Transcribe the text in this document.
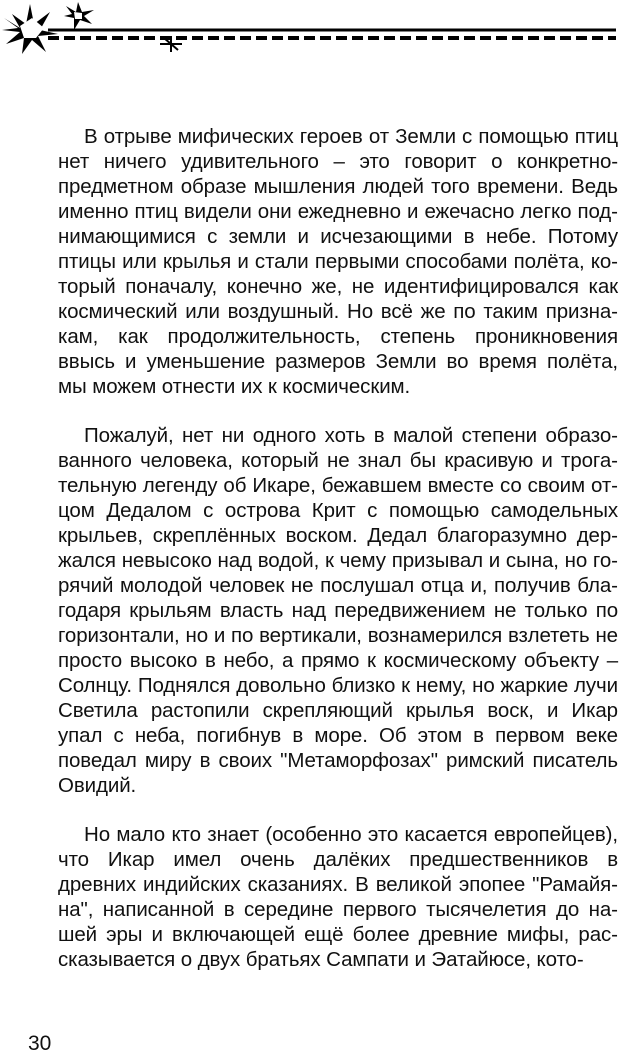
В отрыве мифических героев от Земли с помощью птиц нет ничего удивительного – это говорит о конкретно-предметном образе мышления людей того времени. Ведь именно птиц видели они ежедневно и ежечасно легко поднимающимися с земли и исчезающими в небе. Потому птицы или крылья и стали первыми способами полёта, который поначалу, конечно же, не идентифицировался как космический или воздушный. Но всё же по таким признакам, как продолжительность, степень проникновения ввысь и уменьшение размеров Земли во время полёта, мы можем отнести их к космическим.

Пожалуй, нет ни одного хоть в малой степени образованного человека, который не знал бы красивую и трогательную легенду об Икаре, бежавшем вместе со своим отцом Дедалом с острова Крит с помощью самодельных крыльев, скреплённых воском. Дедал благоразумно держался невысоко над водой, к чему призывал и сына, но горячий молодой человек не послушал отца и, получив благодаря крыльям власть над передвижением не только по горизонтали, но и по вертикали, вознамерился взлететь не просто высоко в небо, а прямо к космическому объекту – Солнцу. Поднялся довольно близко к нему, но жаркие лучи Светила растопили скрепляющий крылья воск, и Икар упал с неба, погибнув в море. Об этом в первом веке поведал миру в своих "Метаморфозах" римский писатель Овидий.

Но мало кто знает (особенно это касается европейцев), что Икар имел очень далёких предшественников в древних индийских сказаниях. В великой эпопее "Рамайяна", написанной в середине первого тысячелетия до нашей эры и включающей ещё более древние мифы, рассказывается о двух братьях Сампати и Эатайюсе, кото-

30
